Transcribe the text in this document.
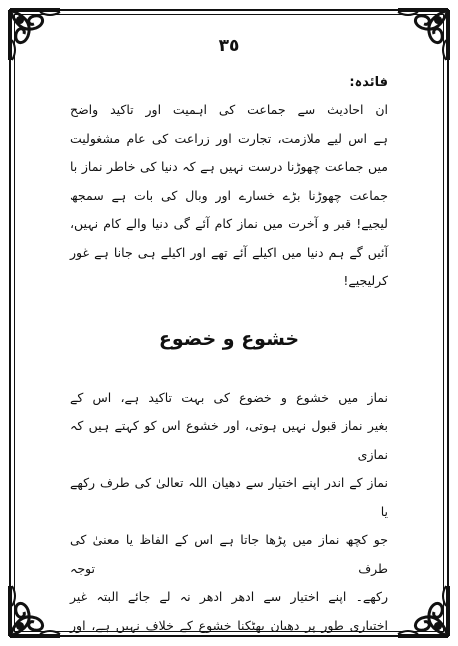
٣٥
فائدہ:
ان احادیث سے جماعت کی اہمیت اور تاکید واضح
ہے اس لیے ملازمت، تجارت اور زراعت کی عام مشغولیت
میں جماعت چھوڑنا درست نہیں ہے کہ دنیا کی خاطر نماز با
جماعت چھوڑنا بڑے خسارے اور وبال کی بات ہے سمجھ
لیجیے! قبر و آخرت میں نماز کام آئے گی دنیا والے کام نہیں،
آئیں گے ہم دنیا میں اکیلے آئے تھے اور اکیلے ہی جانا ہے غور
کرلیجیے!
خشوع و خضوع
نماز میں خشوع و خضوع کی بہت تاکید ہے، اس کے
بغیر نماز قبول نہیں ہوتی، اور خشوع اس کو کہتے ہیں کہ نمازی
نماز کے اندر اپنے اختیار سے دھیان اللہ تعالیٰ کی طرف رکھے یا
جو کچھ نماز میں پڑھا جاتا ہے اس کے الفاظ یا معنیٰ کی طرف توجہ
رکھے۔ اپنے اختیار سے ادھر ادھر نہ لے جائے البتہ غیر
اختیاری طور پر دھیان بھٹکنا خشوع کے خلاف نہیں ہے، اور
